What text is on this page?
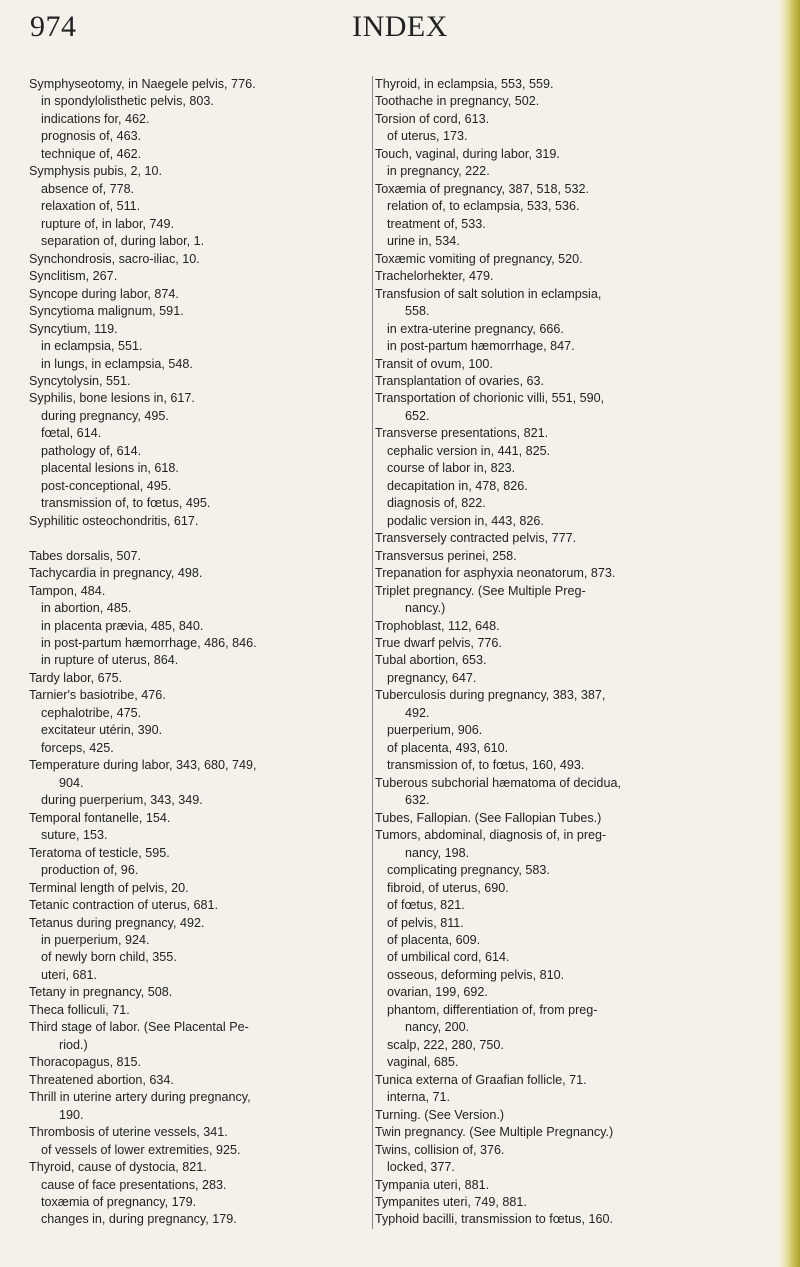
974	INDEX
Symphyseotomy, in Naegele pelvis, 776.
in spondylolisthetic pelvis, 803.
indications for, 462.
prognosis of, 463.
technique of, 462.
Symphysis pubis, 2, 10.
absence of, 778.
relaxation of, 511.
rupture of, in labor, 749.
separation of, during labor, 1.
Synchondrosis, sacro-iliac, 10.
Synclitism, 267.
Syncope during labor, 874.
Syncytioma malignum, 591.
Syncytium, 119.
in eclampsia, 551.
in lungs, in eclampsia, 548.
Syncytolysin, 551.
Syphilis, bone lesions in, 617.
during pregnancy, 495.
fœtal, 614.
pathology of, 614.
placental lesions in, 618.
post-conceptional, 495.
transmission of, to fœtus, 495.
Syphilitic osteochondritis, 617.
Tabes dorsalis, 507.
Tachycardia in pregnancy, 498.
Tampon, 484.
in abortion, 485.
in placenta prævia, 485, 840.
in post-partum hæmorrhage, 486, 846.
in rupture of uterus, 864.
Tardy labor, 675.
Tarnier's basiotribe, 476.
cephalotribe, 475.
excitateur utérin, 390.
forceps, 425.
Temperature during labor, 343, 680, 749,
904.
during puerperium, 343, 349.
Temporal fontanelle, 154.
suture, 153.
Teratoma of testicle, 595.
production of, 96.
Terminal length of pelvis, 20.
Tetanic contraction of uterus, 681.
Tetanus during pregnancy, 492.
in puerperium, 924.
of newly born child, 355.
uteri, 681.
Tetany in pregnancy, 508.
Theca folliculi, 71.
Third stage of labor. (See Placental Pe-
riod.)
Thoracopagus, 815.
Threatened abortion, 634.
Thrill in uterine artery during pregnancy,
190.
Thrombosis of uterine vessels, 341.
of vessels of lower extremities, 925.
Thyroid, cause of dystocia, 821.
cause of face presentations, 283.
toxæmia of pregnancy, 179.
changes in, during pregnancy, 179.
Thyroid, in eclampsia, 553, 559.
Toothache in pregnancy, 502.
Torsion of cord, 613.
of uterus, 173.
Touch, vaginal, during labor, 319.
in pregnancy, 222.
Toxæmia of pregnancy, 387, 518, 532.
relation of, to eclampsia, 533, 536.
treatment of, 533.
urine in, 534.
Toxæmic vomiting of pregnancy, 520.
Trachelorhekter, 479.
Transfusion of salt solution in eclampsia,
558.
in extra-uterine pregnancy, 666.
in post-partum hæmorrhage, 847.
Transit of ovum, 100.
Transplantation of ovaries, 63.
Transportation of chorionic villi, 551, 590,
652.
Transverse presentations, 821.
cephalic version in, 441, 825.
course of labor in, 823.
decapitation in, 478, 826.
diagnosis of, 822.
podalic version in, 443, 826.
Transversely contracted pelvis, 777.
Transversus perinei, 258.
Trepanation for asphyxia neonatorum, 873.
Triplet pregnancy. (See Multiple Preg-
nancy.)
Trophoblast, 112, 648.
True dwarf pelvis, 776.
Tubal abortion, 653.
pregnancy, 647.
Tuberculosis during pregnancy, 383, 387,
492.
puerperium, 906.
of placenta, 493, 610.
transmission of, to fœtus, 160, 493.
Tuberous subchorial hæmatoma of decidua,
632.
Tubes, Fallopian. (See Fallopian Tubes.)
Tumors, abdominal, diagnosis of, in preg-
nancy, 198.
complicating pregnancy, 583.
fibroid, of uterus, 690.
of fœtus, 821.
of pelvis, 811.
of placenta, 609.
of umbilical cord, 614.
osseous, deforming pelvis, 810.
ovarian, 199, 692.
phantom, differentiation of, from preg-
nancy, 200.
scalp, 222, 280, 750.
vaginal, 685.
Tunica externa of Graafian follicle, 71.
interna, 71.
Turning. (See Version.)
Twin pregnancy. (See Multiple Pregnancy.)
Twins, collision of, 376.
locked, 377.
Tympania uteri, 881.
Tympanites uteri, 749, 881.
Typhoid bacilli, transmission to fœtus, 160.
